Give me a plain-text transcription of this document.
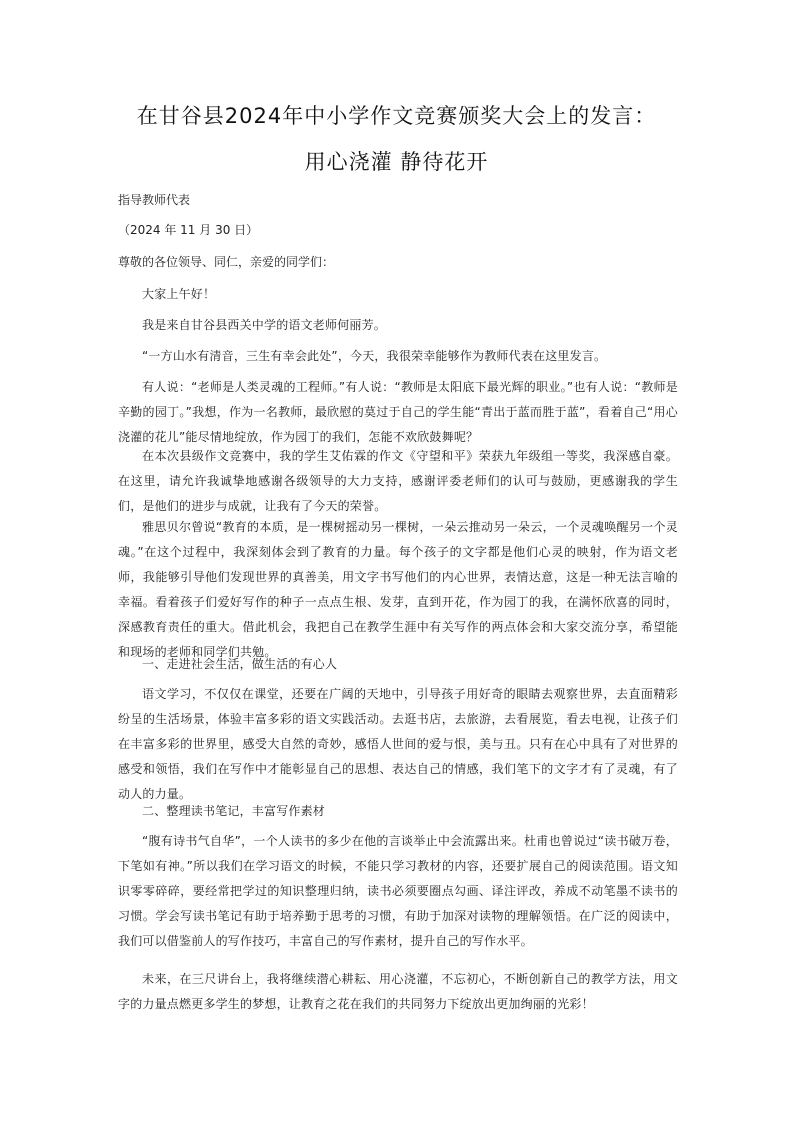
在甘谷县2024年中小学作文竞赛颁奖大会上的发言：
用心浇灌 静待花开
指导教师代表
（2024 年 11 月 30 日）
尊敬的各位领导、同仁，亲爱的同学们：
大家上午好！
我是来自甘谷县西关中学的语文老师何丽芳。
“一方山水有清音，三生有幸会此处”，今天，我很荣幸能够作为教师代表在这里发言。
有人说：“老师是人类灵魂的工程师。”有人说：“教师是太阳底下最光辉的职业。”也有人说：“教师是辛勤的园丁。”我想，作为一名教师，最欣慰的莫过于自己的学生能“青出于蓝而胜于蓝”，看着自己“用心浇灌的花儿”能尽情地绽放，作为园丁的我们，怎能不欢欣鼓舞呢？
在本次县级作文竞赛中，我的学生艾佑霖的作文《守望和平》荣获九年级组一等奖，我深感自豪。在这里，请允许我诚挚地感谢各级领导的大力支持，感谢评委老师们的认可与鼓励，更感谢我的学生们，是他们的进步与成就，让我有了今天的荣誉。
雅思贝尔曾说“教育的本质，是一棵树摇动另一棵树，一朵云推动另一朵云，一个灵魂唤醒另一个灵魂。”在这个过程中，我深刻体会到了教育的力量。每个孩子的文字都是他们心灵的映射，作为语文老师，我能够引导他们发现世界的真善美，用文字书写他们的内心世界，表情达意，这是一种无法言喻的幸福。看着孩子们爱好写作的种子一点点生根、发芽，直到开花，作为园丁的我，在满怀欣喜的同时，深感教育责任的重大。借此机会，我把自己在教学生涯中有关写作的两点体会和大家交流分享，希望能和现场的老师和同学们共勉。
一、走进社会生活，做生活的有心人
语文学习，不仅仅在课堂，还要在广阔的天地中，引导孩子用好奇的眼睛去观察世界，去直面精彩纷呈的生活场景，体验丰富多彩的语文实践活动。去逛书店，去旅游，去看展览，看去电视，让孩子们在丰富多彩的世界里，感受大自然的奇妙，感悟人世间的爱与恨，美与丑。只有在心中具有了对世界的感受和领悟，我们在写作中才能彰显自己的思想、表达自己的情感，我们笔下的文字才有了灵魂，有了动人的力量。
二、整理读书笔记，丰富写作素材
“腹有诗书气自华”，一个人读书的多少在他的言谈举止中会流露出来。杜甫也曾说过“读书破万卷，下笔如有神。”所以我们在学习语文的时候，不能只学习教材的内容，还要扩展自己的阅读范围。语文知识零零碎碎，要经常把学过的知识整理归纳，读书必须要圈点勾画、译注评改，养成不动笔墨不读书的习惯。学会写读书笔记有助于培养勤于思考的习惯，有助于加深对读物的理解领悟。在广泛的阅读中，我们可以借鉴前人的写作技巧，丰富自己的写作素材，提升自己的写作水平。
未来，在三尺讲台上，我将继续潜心耕耘、用心浇灌，不忘初心，不断创新自己的教学方法，用文字的力量点燃更多学生的梦想，让教育之花在我们的共同努力下绽放出更加绚丽的光彩！
